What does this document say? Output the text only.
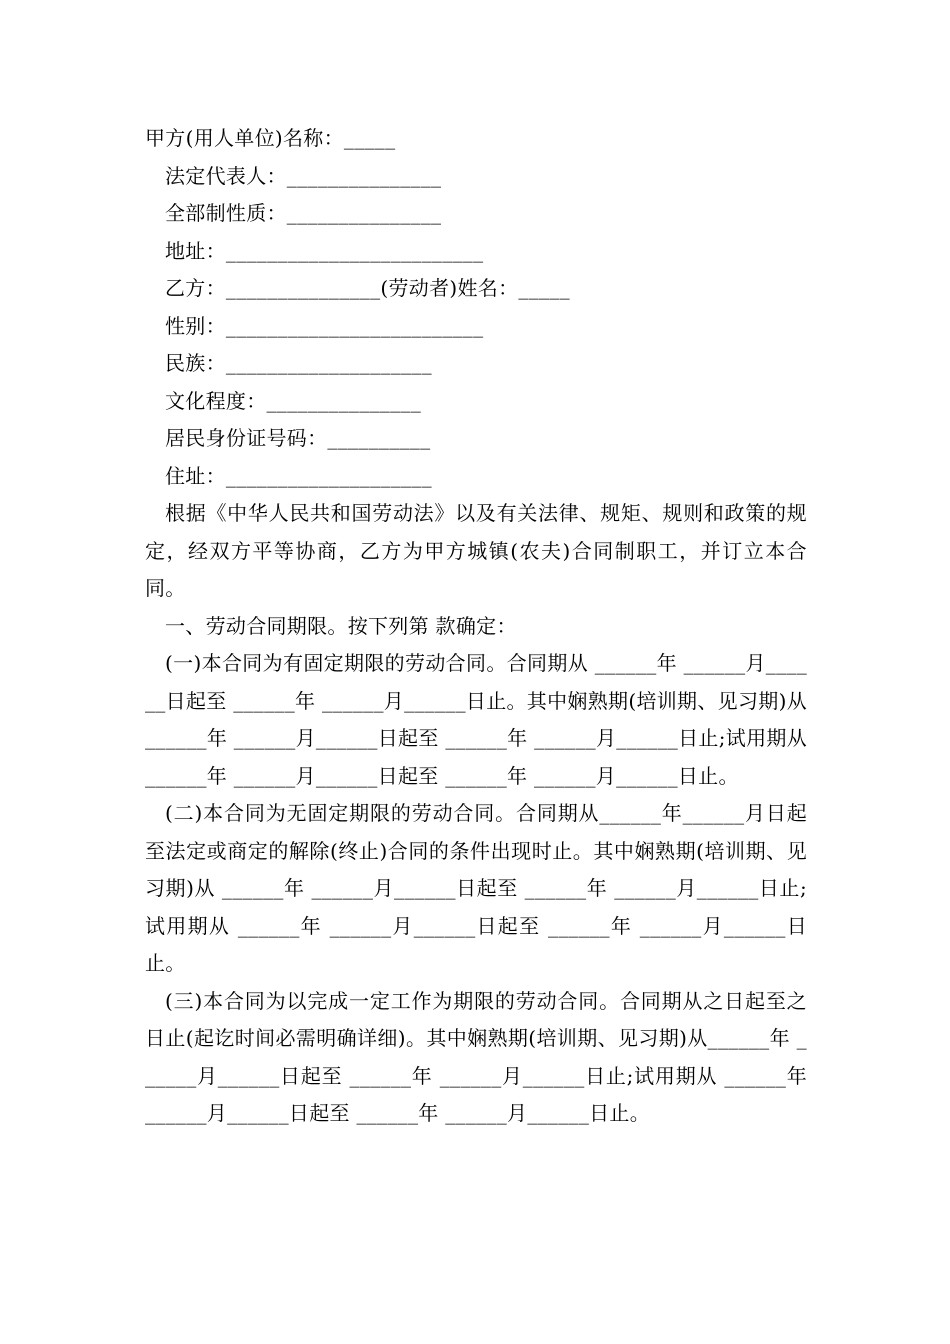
甲方(用人单位)名称：_____
法定代表人：_______________
全部制性质：_______________
地址：_________________________
乙方：_______________(劳动者)姓名：_____
性别：_________________________
民族：____________________
文化程度：_______________
居民身份证号码：__________
住址：____________________

根据《中华人民共和国劳动法》以及有关法律、规矩、规则和政策的规定，经双方平等协商，乙方为甲方城镇(农夫)合同制职工，并订立本合同。

一、劳动合同期限。按下列第 款确定：

(一)本合同为有固定期限的劳动合同。合同期从 ______年 ______月______日起至 ______年 ______月______日止。其中娴熟期(培训期、见习期)从 ______年 ______月______日起至 ______年 ______月______日止;试用期从 ______年 ______月______日起至 ______年 ______月______日止。

(二)本合同为无固定期限的劳动合同。合同期从______年______月日起至法定或商定的解除(终止)合同的条件出现时止。其中娴熟期(培训期、见习期)从 ______年 ______月______日起至 ______年 ______月______日止;试用期从 ______年 ______月______日起至 ______年 ______月______日止。

(三)本合同为以完成一定工作为期限的劳动合同。合同期从之日起至之日止(起讫时间必需明确详细)。其中娴熟期(培训期、见习期)从______年 ______月______日起至 ______年 ______月______日止;试用期从 ______年 ______月______日起至 ______年 ______月______日止。
